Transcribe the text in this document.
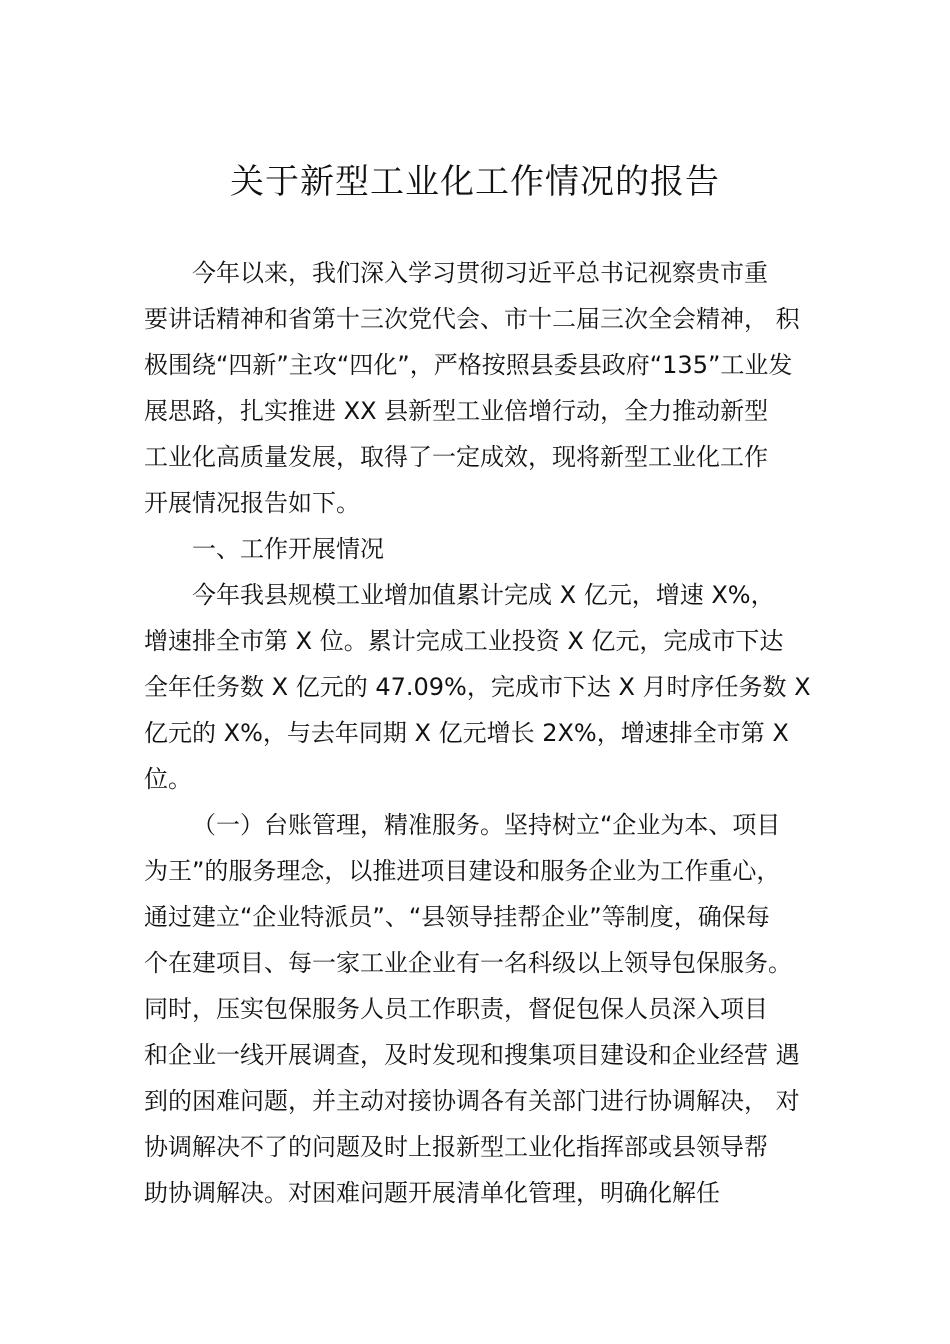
关于新型工业化工作情况的报告
今年以来，我们深入学习贯彻习近平总书记视察贵市重
要讲话精神和省第十三次党代会、市十二届三次全会精神， 积
极围绕“四新”主攻“四化”，严格按照县委县政府“135”工业发
展思路，扎实推进 XX 县新型工业倍增行动，全力推动新型
工业化高质量发展，取得了一定成效，现将新型工业化工作
开展情况报告如下。
一、工作开展情况
今年我县规模工业增加值累计完成 X 亿元，增速 X%，
增速排全市第 X 位。累计完成工业投资 X 亿元，完成市下达
全年任务数 X 亿元的 47.09%，完成市下达 X 月时序任务数 X
亿元的 X%，与去年同期 X 亿元增长 2X%，增速排全市第 X
位。
（一）台账管理，精准服务。坚持树立“企业为本、项目
为王”的服务理念，以推进项目建设和服务企业为工作重心，
通过建立“企业特派员”、“县领导挂帮企业”等制度，确保每
个在建项目、每一家工业企业有一名科级以上领导包保服务。
同时，压实包保服务人员工作职责，督促包保人员深入项目
和企业一线开展调查，及时发现和搜集项目建设和企业经营 遇
到的困难问题，并主动对接协调各有关部门进行协调解决， 对
协调解决不了的问题及时上报新型工业化指挥部或县领导帮
助协调解决。对困难问题开展清单化管理，明确化解任
